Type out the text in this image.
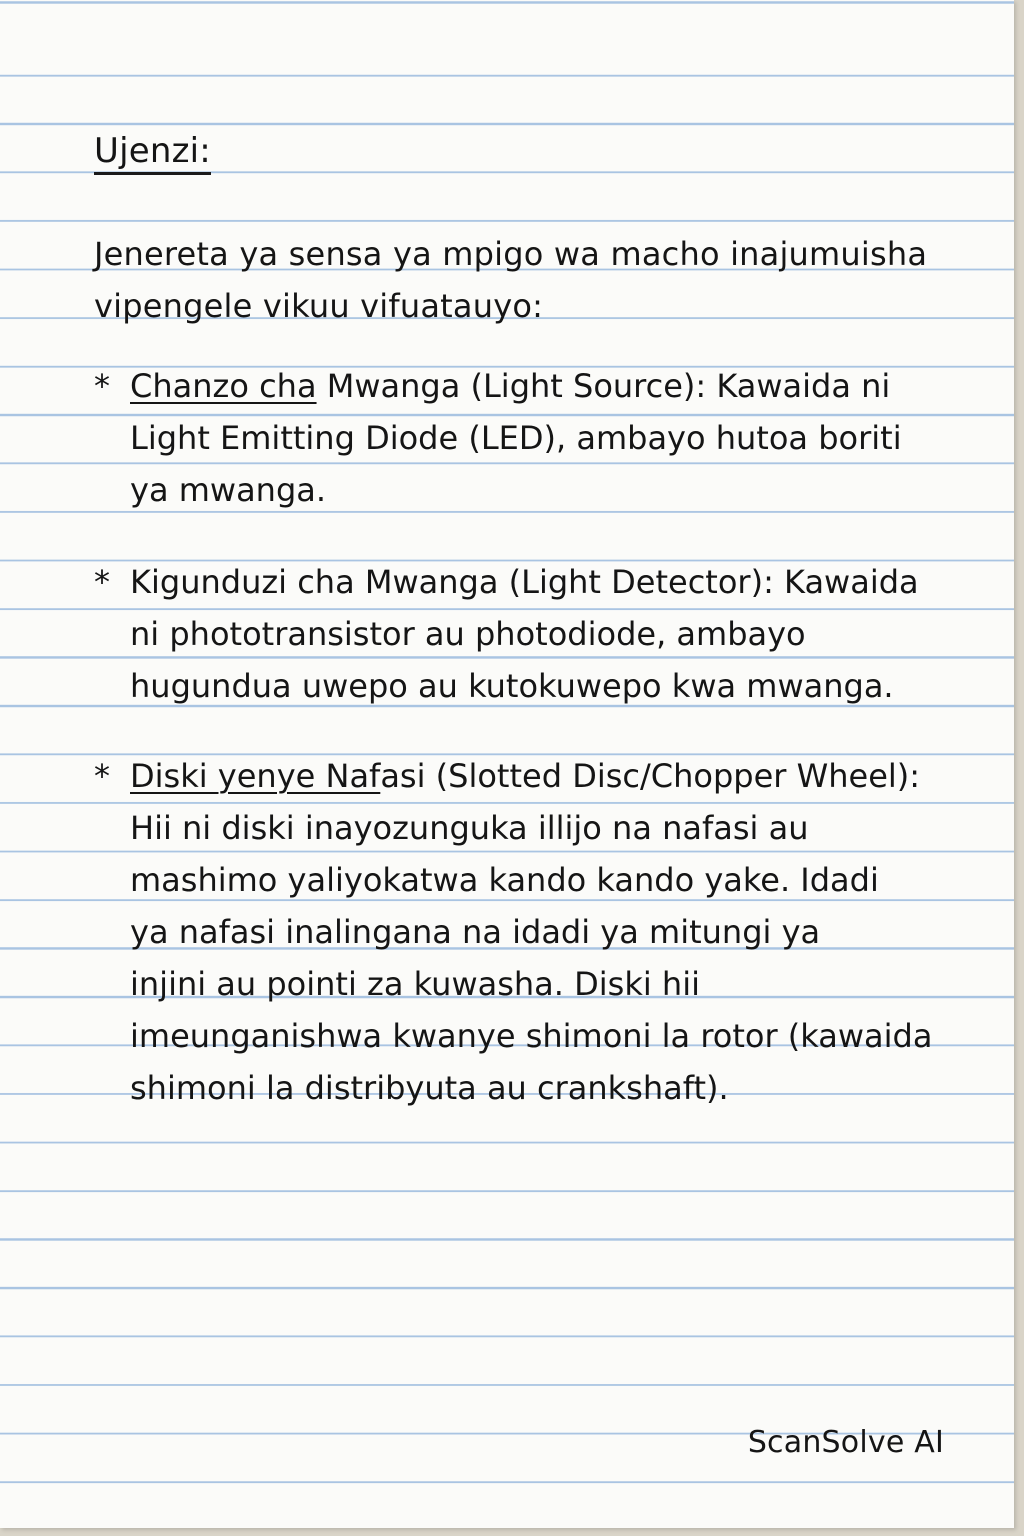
Ujenzi:
Jenereta ya sensa ya mpigo wa macho inajumuisha
vipengele vikuu vifuatauyo:
* Chanzo cha Mwanga (Light Source): Kawaida ni
Light Emitting Diode (LED), ambayo hutoa boriti
ya mwanga.
* Kigunduzi cha Mwanga (Light Detector): Kawaida
ni phototransistor au photodiode, ambayo
hugundua uwepo au kutokuwepo kwa mwanga.
* Diski yenye Nafasi (Slotted Disc/Chopper Wheel):
Hii ni diski inayozunguka illijo na nafasi au
mashimo yaliyokatwa kando kando yake. Idadi
ya nafasi inalingana na idadi ya mitungi ya
injini au pointi za kuwasha. Diski hii
imeunganishwa kwanye shimoni la rotor (kawaida
shimoni la distribyuta au crankshaft).
ScanSolve AI
